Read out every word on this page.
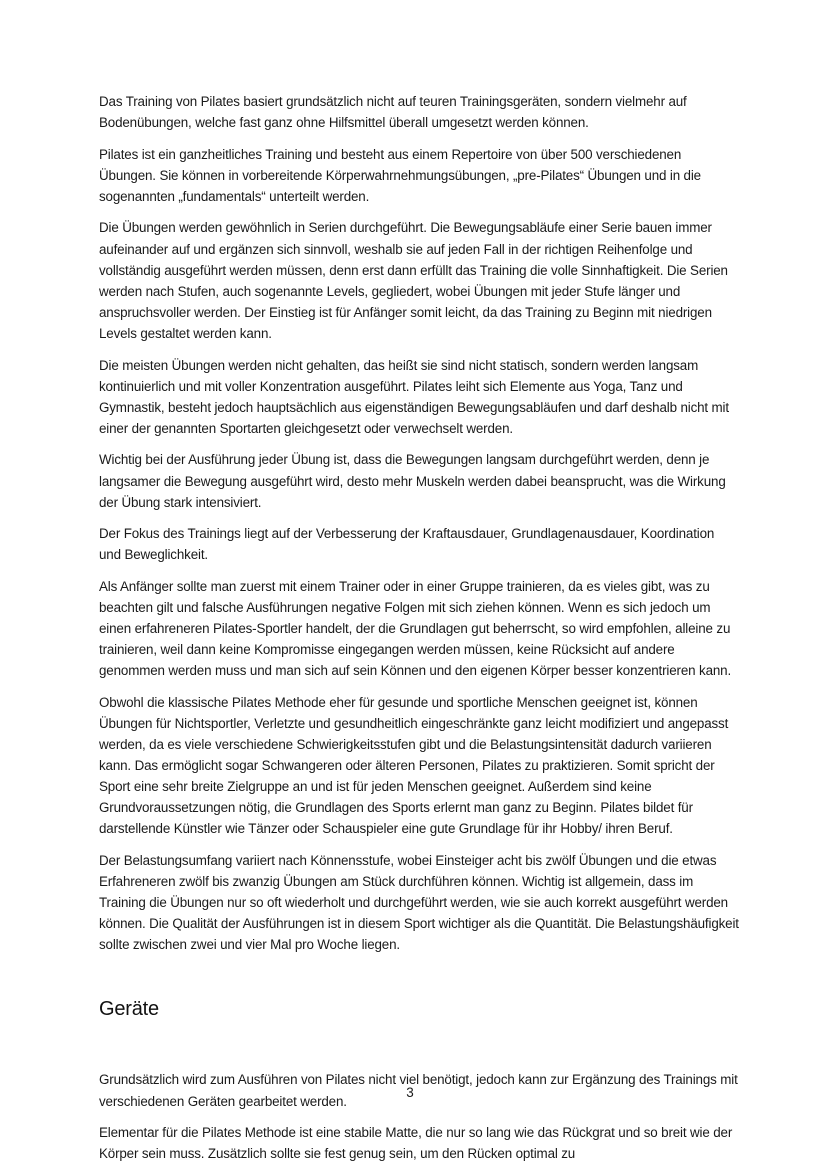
Das Training von Pilates basiert grundsätzlich nicht auf teuren Trainingsgeräten, sondern vielmehr auf Bodenübungen, welche fast ganz ohne Hilfsmittel überall umgesetzt werden können.

Pilates ist ein ganzheitliches Training und besteht aus einem Repertoire von über 500 verschiedenen Übungen. Sie können in vorbereitende Körperwahrnehmungsübungen, „pre-Pilates“ Übungen und in die sogenannten „fundamentals“ unterteilt werden.

Die Übungen werden gewöhnlich in Serien durchgeführt. Die Bewegungsabläufe einer Serie bauen immer aufeinander auf und ergänzen sich sinnvoll, weshalb sie auf jeden Fall in der richtigen Reihenfolge und vollständig ausgeführt werden müssen, denn erst dann erfüllt das Training die volle Sinnhaftigkeit. Die Serien werden nach Stufen, auch sogenannte Levels, gegliedert, wobei Übungen mit jeder Stufe länger und anspruchsvoller werden. Der Einstieg ist für Anfänger somit leicht, da das Training zu Beginn mit niedrigen Levels gestaltet werden kann.

Die meisten Übungen werden nicht gehalten, das heißt sie sind nicht statisch, sondern werden langsam kontinuierlich und mit voller Konzentration ausgeführt. Pilates leiht sich Elemente aus Yoga, Tanz und Gymnastik, besteht jedoch hauptsächlich aus eigenständigen Bewegungsabläufen und darf deshalb nicht mit einer der genannten Sportarten gleichgesetzt oder verwechselt werden.

Wichtig bei der Ausführung jeder Übung ist, dass die Bewegungen langsam durchgeführt werden, denn je langsamer die Bewegung ausgeführt wird, desto mehr Muskeln werden dabei beansprucht, was die Wirkung der Übung stark intensiviert.

Der Fokus des Trainings liegt auf der Verbesserung der Kraftausdauer, Grundlagenausdauer, Koordination und Beweglichkeit.

Als Anfänger sollte man zuerst mit einem Trainer oder in einer Gruppe trainieren, da es vieles gibt, was zu beachten gilt und falsche Ausführungen negative Folgen mit sich ziehen können. Wenn es sich jedoch um einen erfahreneren Pilates-Sportler handelt, der die Grundlagen gut beherrscht, so wird empfohlen, alleine zu trainieren, weil dann keine Kompromisse eingegangen werden müssen, keine Rücksicht auf andere genommen werden muss und man sich auf sein Können und den eigenen Körper besser konzentrieren kann.

Obwohl die klassische Pilates Methode eher für gesunde und sportliche Menschen geeignet ist, können Übungen für Nichtsportler, Verletzte und gesundheitlich eingeschränkte ganz leicht modifiziert und angepasst werden, da es viele verschiedene Schwierigkeitsstufen gibt und die Belastungsintensität dadurch variieren kann. Das ermöglicht sogar Schwangeren oder älteren Personen, Pilates zu praktizieren. Somit spricht der Sport eine sehr breite Zielgruppe an und ist für jeden Menschen geeignet. Außerdem sind keine Grundvoraussetzungen nötig, die Grundlagen des Sports erlernt man ganz zu Beginn. Pilates bildet für darstellende Künstler wie Tänzer oder Schauspieler eine gute Grundlage für ihr Hobby/ ihren Beruf.

Der Belastungsumfang variiert nach Könnensstufe, wobei Einsteiger acht bis zwölf Übungen und die etwas Erfahreneren zwölf bis zwanzig Übungen am Stück durchführen können. Wichtig ist allgemein, dass im Training die Übungen nur so oft wiederholt und durchgeführt werden, wie sie auch korrekt ausgeführt werden können. Die Qualität der Ausführungen ist in diesem Sport wichtiger als die Quantität. Die Belastungshäufigkeit sollte zwischen zwei und vier Mal pro Woche liegen.

Geräte

Grundsätzlich wird zum Ausführen von Pilates nicht viel benötigt, jedoch kann zur Ergänzung des Trainings mit verschiedenen Geräten gearbeitet werden.

Elementar für die Pilates Methode ist eine stabile Matte, die nur so lang wie das Rückgrat und so breit wie der Körper sein muss. Zusätzlich sollte sie fest genug sein, um den Rücken optimal zu

3
